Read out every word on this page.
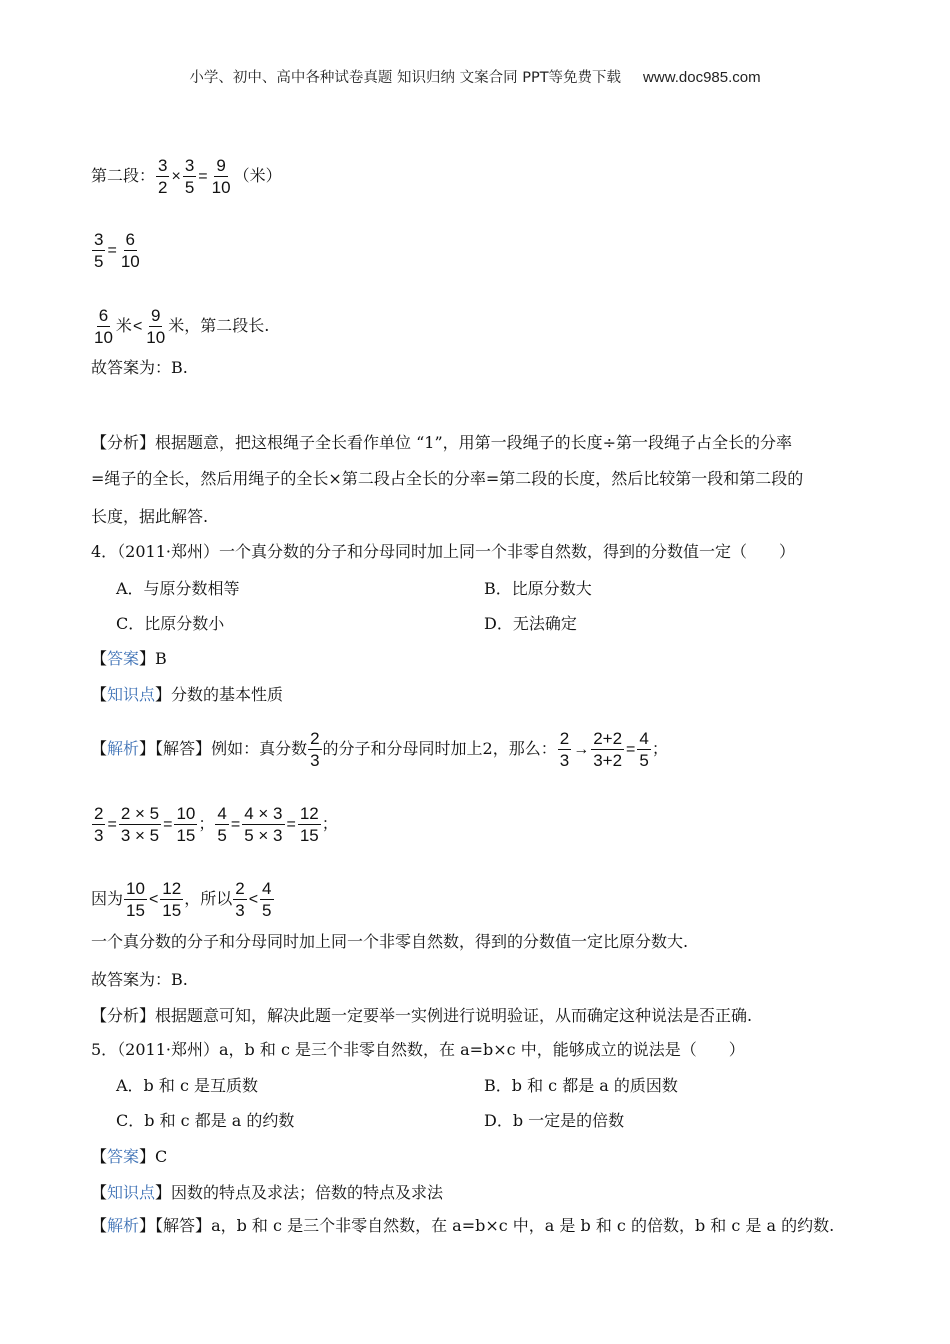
小学、初中、高中各种试卷真题 知识归纳 文案合同 PPT等免费下载 www.doc985.com
第二段： $\frac{3}{2} \times \frac{3}{5} = \frac{9}{10}$ （米）
$\frac{3}{5} = \frac{6}{10}$
$\frac{6}{10}$ 米< $\frac{9}{10}$ 米，第二段长.
故答案为：B.
【分析】根据题意，把这根绳子全长看作单位 “1”，用第一段绳子的长度÷第一段绳子占全长的分率
=绳子的全长，然后用绳子的全长×第二段占全长的分率=第二段的长度，然后比较第一段和第二段的
长度，据此解答.
4．（2011·郑州）一个真分数的分子和分母同时加上同一个非零自然数，得到的分数值一定（　　）
A．与原分数相等	B．比原分数大
C．比原分数小	D．无法确定
【答案】B
【知识点】分数的基本性质
【解析】【解答】例如：真分数 $\frac{2}{3}$ 的分子和分母同时加上2，那么： $\frac{2}{3} \to \frac{2+2}{3+2} = \frac{4}{5}$ ；
$\frac{2}{3} = \frac{2 \times 5}{3 \times 5} = \frac{10}{15}$ ； $\frac{4}{5} = \frac{4 \times 3}{5 \times 3} = \frac{12}{15}$ ；
因为 $\frac{10}{15} < \frac{12}{15}$ ，所以 $\frac{2}{3} < \frac{4}{5}$
一个真分数的分子和分母同时加上同一个非零自然数，得到的分数值一定比原分数大.
故答案为：B.
【分析】根据题意可知，解决此题一定要举一实例进行说明验证，从而确定这种说法是否正确.
5．（2011·郑州）a，b 和 c 是三个非零自然数，在 a=b×c 中，能够成立的说法是（　　）
A．b 和 c 是互质数	B．b 和 c 都是 a 的质因数
C．b 和 c 都是 a 的约数	D．b 一定是的倍数
【答案】C
【知识点】因数的特点及求法；倍数的特点及求法
【解析】【解答】a，b 和 c 是三个非零自然数，在 a=b×c 中，a 是 b 和 c 的倍数，b 和 c 是 a 的约数.
